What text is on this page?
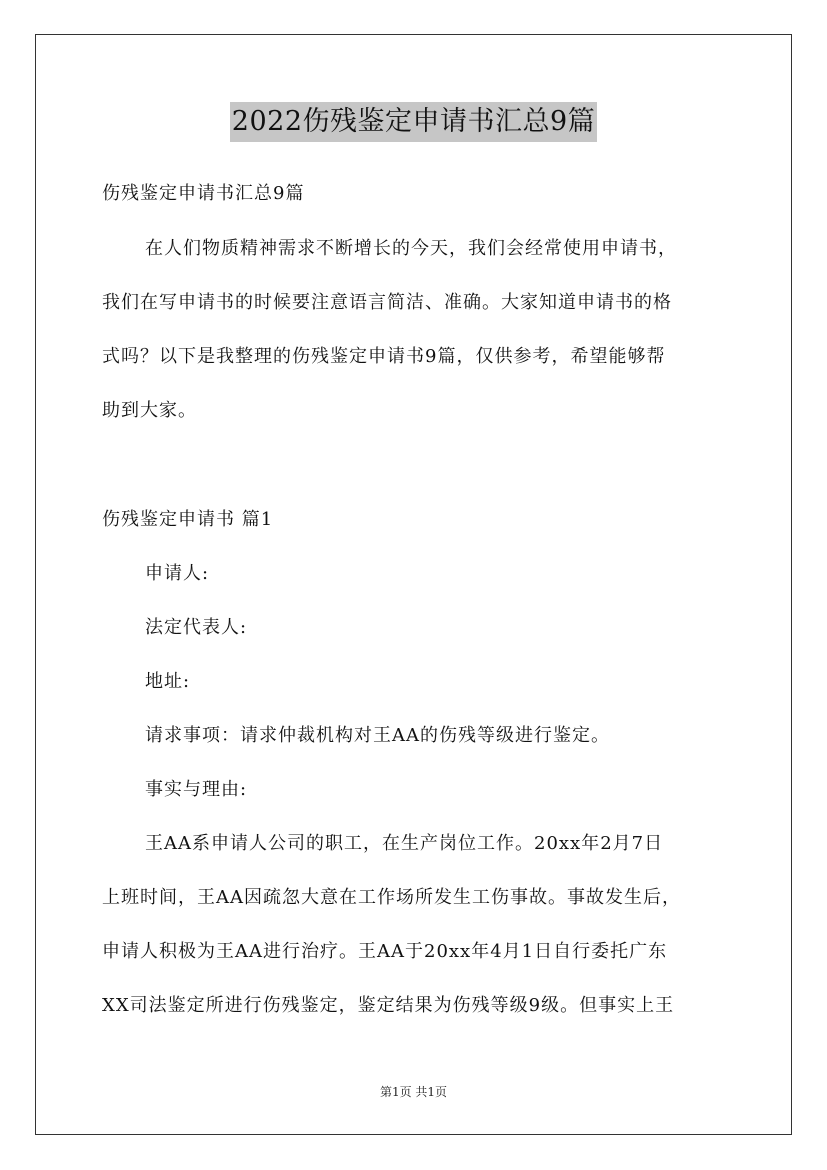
2022伤残鉴定申请书汇总9篇
伤残鉴定申请书汇总9篇
在人们物质精神需求不断增长的今天，我们会经常使用申请书，
我们在写申请书的时候要注意语言简洁、准确。大家知道申请书的格
式吗？以下是我整理的伤残鉴定申请书9篇，仅供参考，希望能够帮
助到大家。
伤残鉴定申请书 篇1
申请人:
法定代表人:
地址:
请求事项：请求仲裁机构对王AA的伤残等级进行鉴定。
事实与理由:
王AA系申请人公司的职工，在生产岗位工作。20xx年2月7日
上班时间，王AA因疏忽大意在工作场所发生工伤事故。事故发生后，
申请人积极为王AA进行治疗。王AA于20xx年4月1日自行委托广东
XX司法鉴定所进行伤残鉴定，鉴定结果为伤残等级9级。但事实上王
第1页 共1页
